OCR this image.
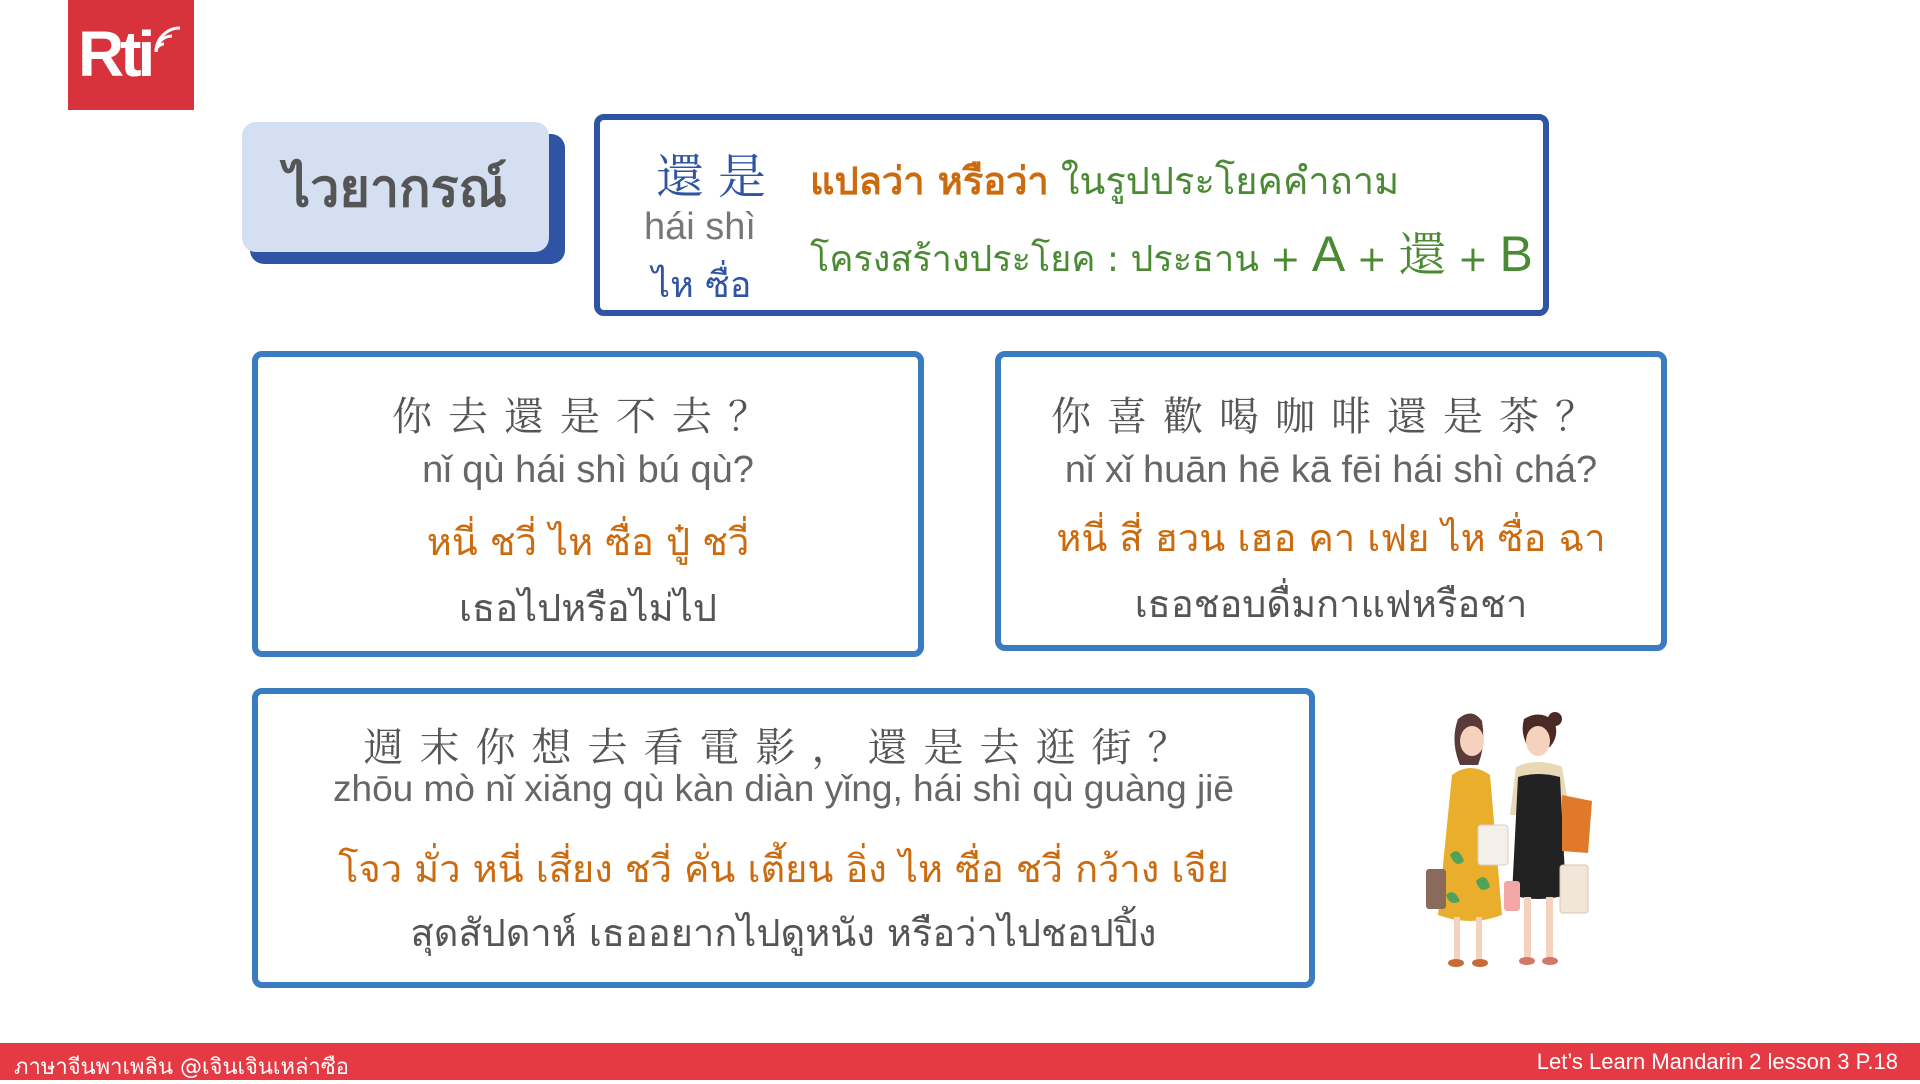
Rti
ไวยากรณ์	還是
hái shì
ไห ซื่อ
แปลว่า หรือว่า ในรูปประโยคคำถาม
โครงสร้างประโยค : ประธาน + A + 還 + B
你去還是不去？
nǐ qù hái shì bú qù?
หนี่ ชวี่ ไห ซื่อ ปู๋ ชวี่
เธอไปหรือไม่ไป
你喜歡喝咖啡還是茶？
nǐ xǐ huān hē kā fēi hái shì chá?
หนี่ สี่ ฮวน เฮอ คา เฟย ไห ซื่อ ฉา
เธอชอบดื่มกาแฟหรือชา
週末你想去看電影，還是去逛街？
zhōu mò nǐ xiǎng qù kàn diàn yǐng, hái shì qù guàng jiē
โจว มั่ว หนี่ เสี่ยง ชวี่ คั่น เตี้ยน อิ่ง ไห ซื่อ ชวี่ กว้าง เจีย
สุดสัปดาห์ เธออยากไปดูหนัง หรือว่าไปชอปปิ้ง
ภาษาจีนพาเพลิน @เจินเจินเหล่าซือ	Let’s Learn Mandarin 2 lesson 3 P.18
